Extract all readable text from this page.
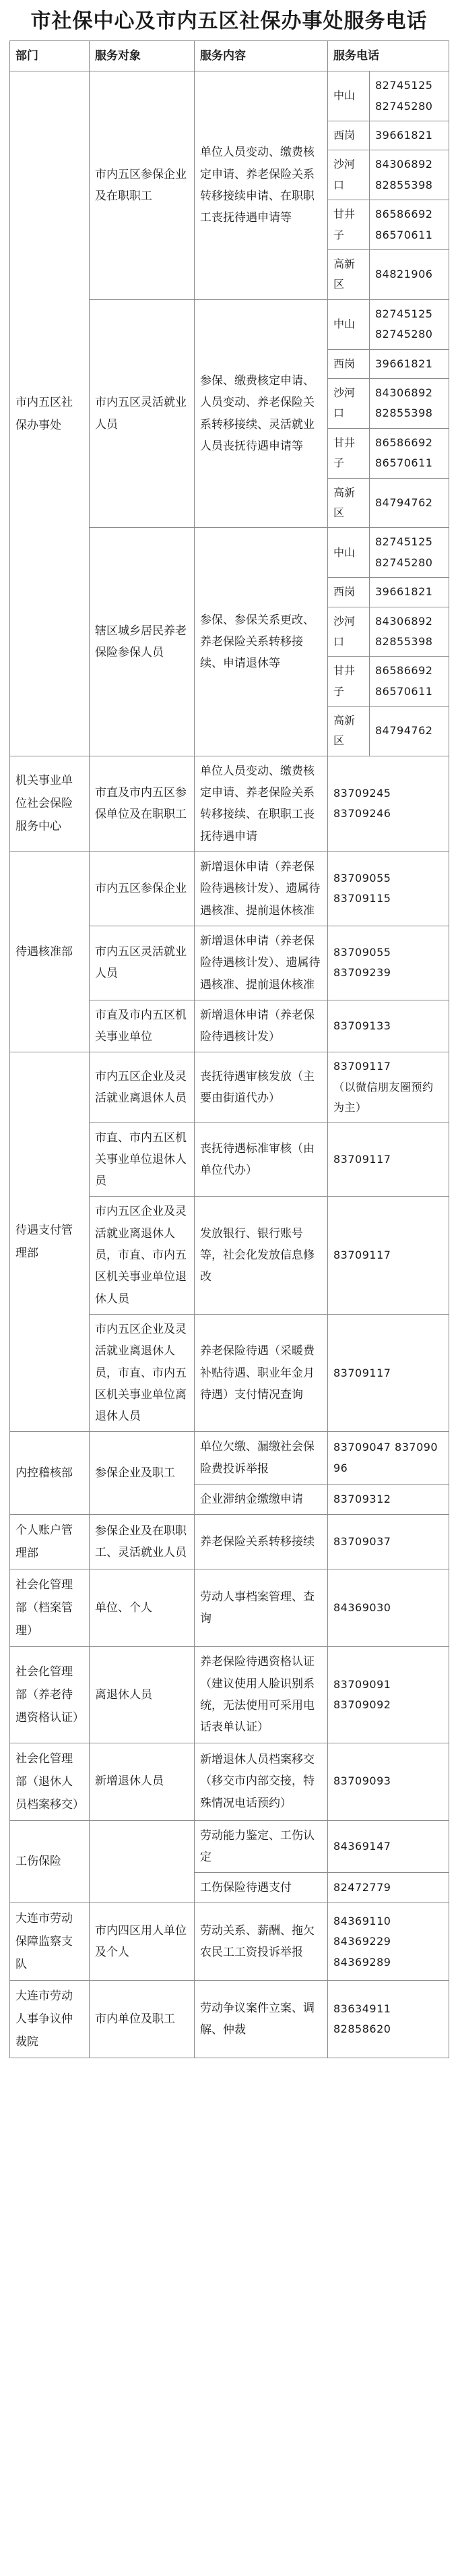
市社保中心及市内五区社保办事处服务电话
部门	服务对象	服务内容	服务电话	
市内五区社保办事处	市内五区参保企业及在职职工	单位人员变动、缴费核定申请、养老保险关系转移接续申请、在职职工丧抚待遇申请等	中山	82745125
82745280
			西岗	39661821
			沙河口	84306892
82855398
			甘井子	86586692
86570611
			高新区	84821906
	市内五区灵活就业人员	参保、缴费核定申请、人员变动、养老保险关系转移接续、灵活就业人员丧抚待遇申请等	中山	82745125
82745280
			西岗	39661821
			沙河口	84306892
82855398
			甘井子	86586692
86570611
			高新区	84794762
	辖区城乡居民养老保险参保人员	参保、参保关系更改、养老保险关系转移接续、申请退休等	中山	82745125
82745280
			西岗	39661821
			沙河口	84306892
82855398
			甘井子	86586692
86570611
			高新区	84794762
机关事业单位社会保险服务中心	市直及市内五区参保单位及在职职工	单位人员变动、缴费核定申请、养老保险关系转移接续、在职职工丧抚待遇申请	83709245
83709246	
待遇核准部	市内五区参保企业	新增退休申请（养老保险待遇核计发）、遗属待遇核准、提前退休核准	83709055
83709115	
	市内五区灵活就业人员	新增退休申请（养老保险待遇核计发）、遗属待遇核准、提前退休核准	83709055
83709239	
	市直及市内五区机关事业单位	新增退休申请（养老保险待遇核计发）	83709133	
待遇支付管理部	市内五区企业及灵活就业离退休人员	丧抚待遇审核发放（主要由街道代办）	83709117
（以微信朋友圈预约为主）	
	市直、市内五区机关事业单位退休人员	丧抚待遇标准审核（由单位代办）	83709117	
	市内五区企业及灵活就业离退休人员，市直、市内五区机关事业单位退休人员	发放银行、银行账号等，社会化发放信息修改	83709117	
	市内五区企业及灵活就业离退休人员，市直、市内五区机关事业单位离退休人员	养老保险待遇（采暖费补贴待遇、职业年金月待遇）支付情况查询	83709117	
内控稽核部	参保企业及职工	单位欠缴、漏缴社会保险费投诉举报	83709047 83709096	
		企业滞纳金缴缴申请	83709312	
个人账户管理部	参保企业及在职职工、灵活就业人员	养老保险关系转移接续	83709037	
社会化管理部（档案管理）	单位、个人	劳动人事档案管理、查询	84369030	
社会化管理部（养老待遇资格认证）	离退休人员	养老保险待遇资格认证（建议使用人脸识别系统，无法使用可采用电话表单认证）	83709091
83709092	
社会化管理部（退休人员档案移交）	新增退休人员	新增退休人员档案移交（移交市内部交接，特殊情况电话预约）	83709093	
工伤保险		劳动能力鉴定、工伤认定	84369147	
		工伤保险待遇支付	82472779	
大连市劳动保障监察支队	市内四区用人单位及个人	劳动关系、薪酬、拖欠农民工工资投诉举报	84369110
84369229
84369289	
大连市劳动人事争议仲裁院	市内单位及职工	劳动争议案件立案、调解、仲裁	83634911
82858620	
